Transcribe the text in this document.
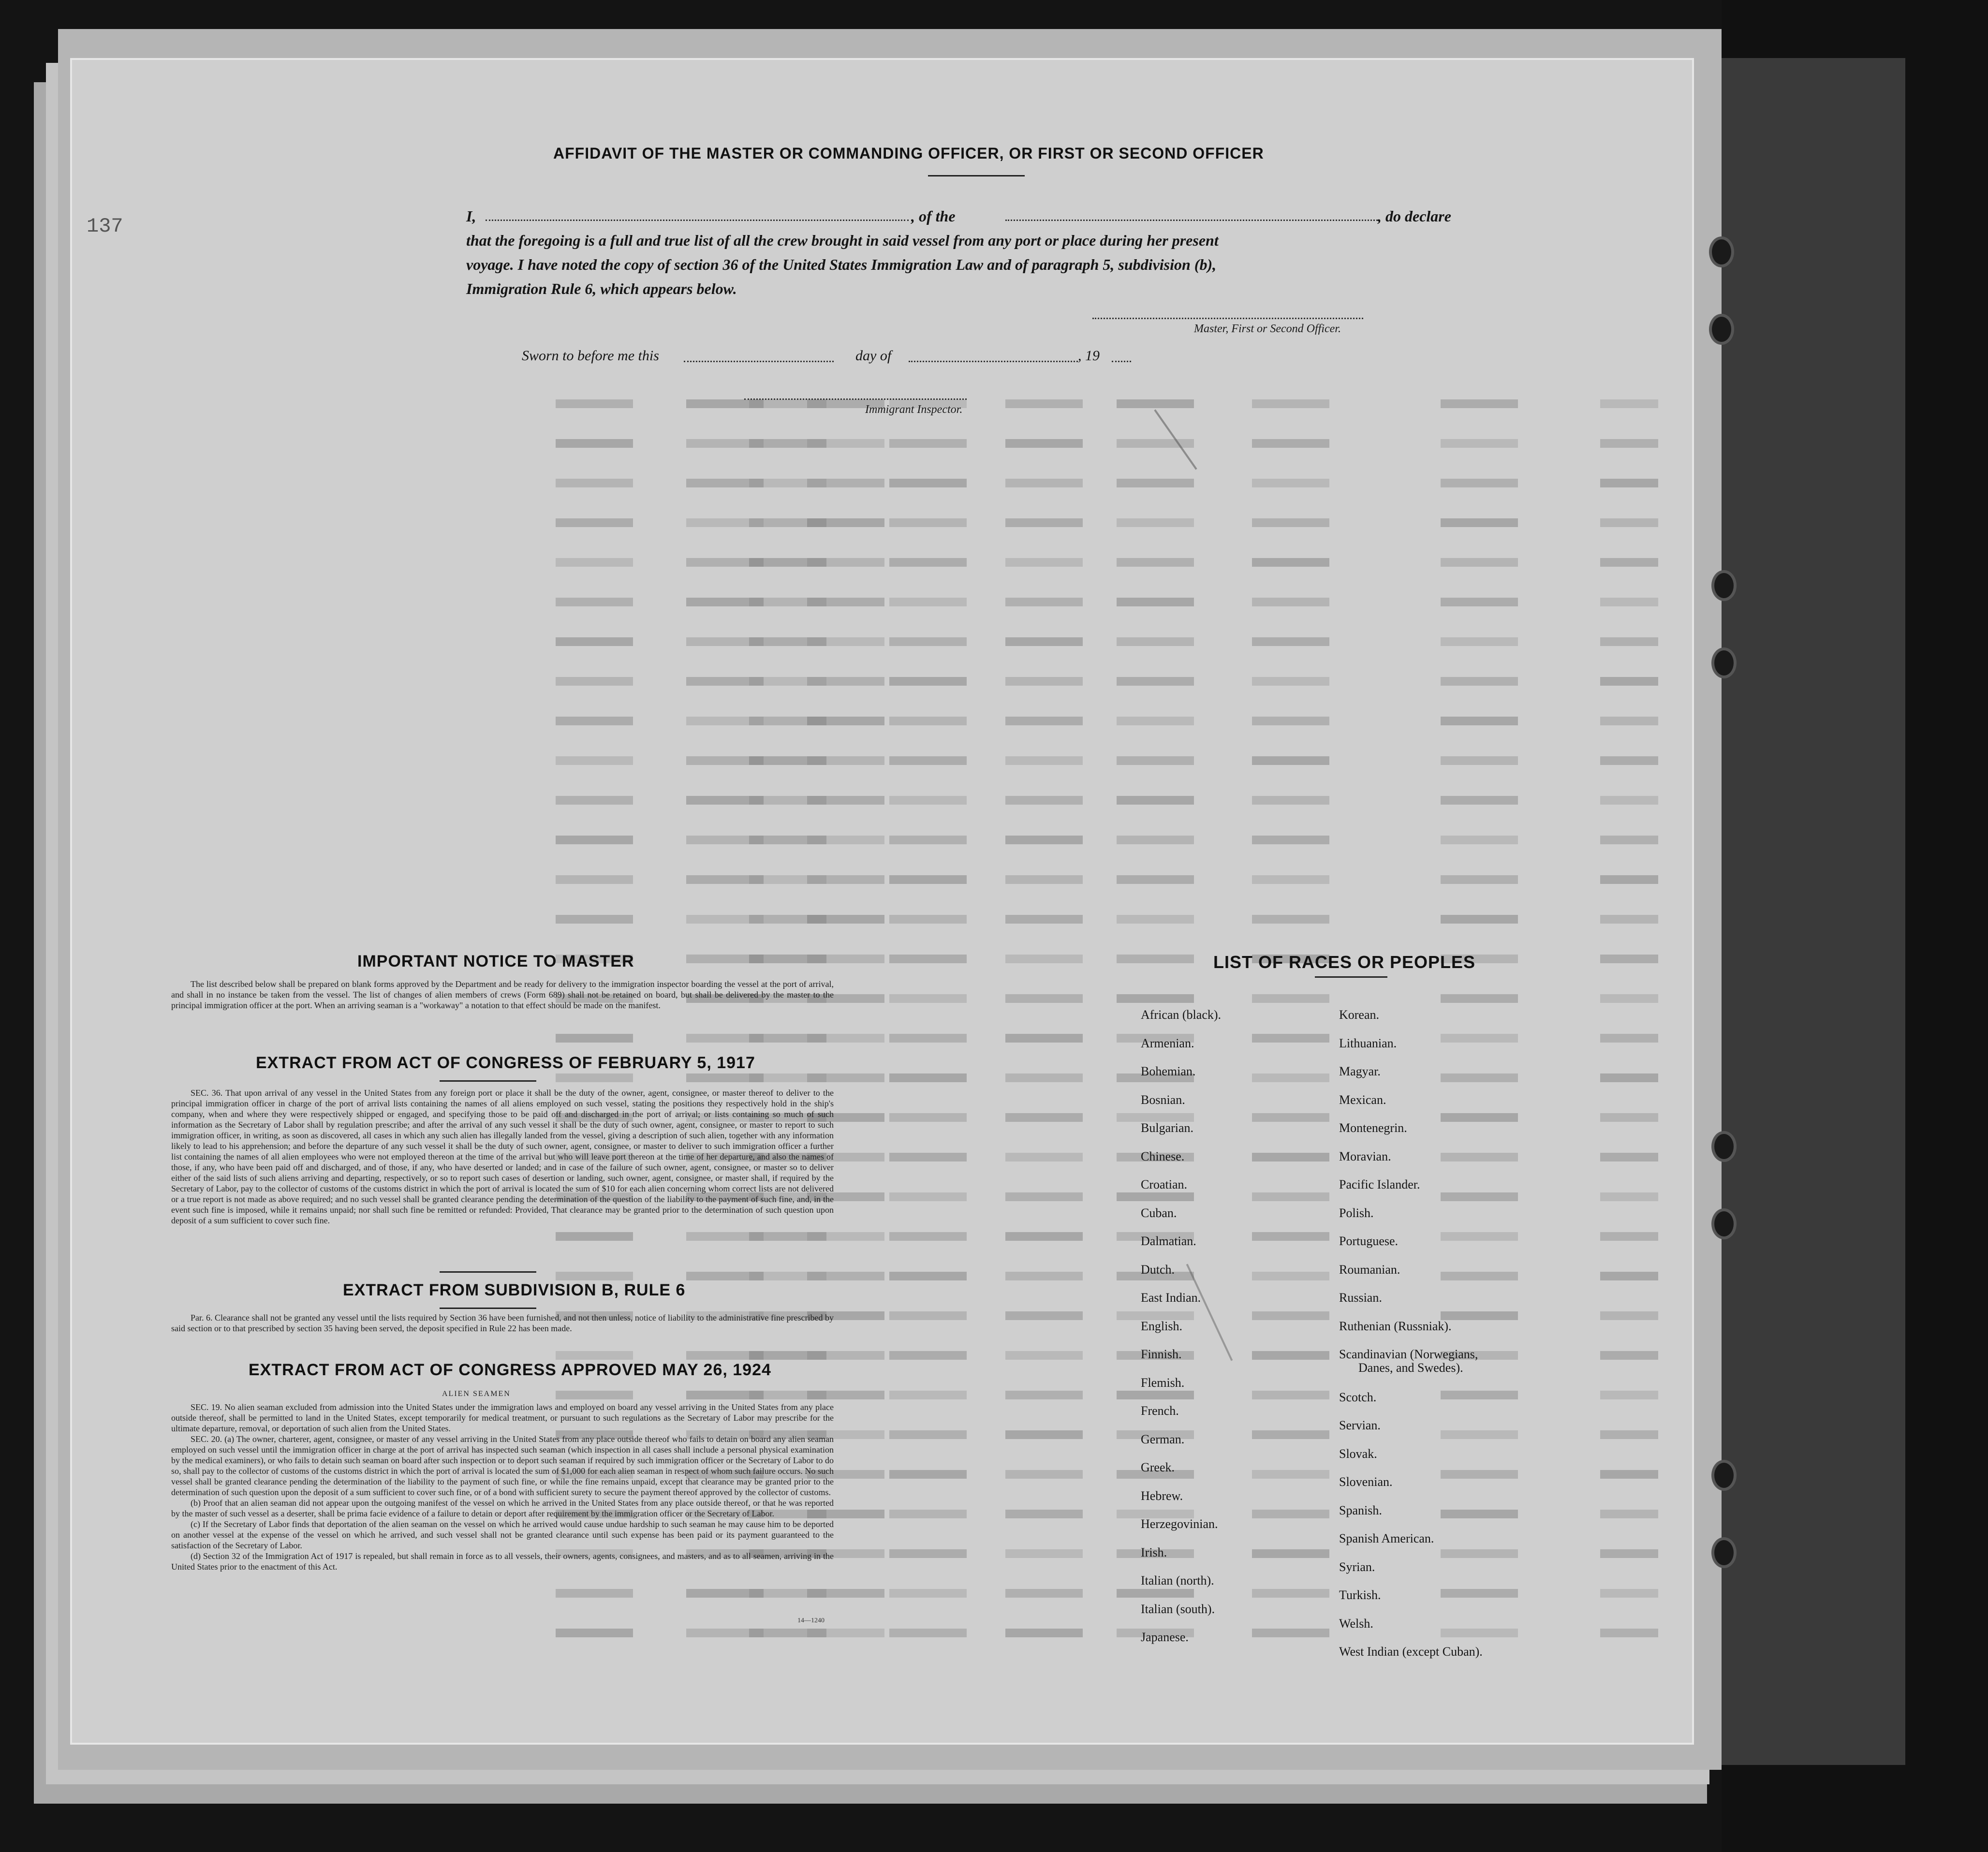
AFFIDAVIT OF THE MASTER OR COMMANDING OFFICER, OR FIRST OR SECOND OFFICER
137	I,	, of the	, do declare
that the foregoing is a full and true list of all the crew brought in said vessel from any port or place during her present
voyage. I have noted the copy of section 36 of the United States Immigration Law and of paragraph 5, subdivision (b),
Immigration Rule 6, which appears below.
Master, First or Second Officer.
Sworn to before me this	day of	, 19
Immigrant Inspector.
IMPORTANT NOTICE TO MASTER

The list described below shall be prepared on blank forms approved by the Department and be ready for delivery to the immigration inspector boarding the vessel at the port of arrival, and shall in no instance be taken from the vessel. The list of changes of alien members of crews (Form 689) shall not be retained on board, but shall be delivered by the master to the principal immigration officer at the port. When an arriving seaman is a "workaway" a notation to that effect should be made on the manifest.

EXTRACT FROM ACT OF CONGRESS OF FEBRUARY 5, 1917

SEC. 36. That upon arrival of any vessel in the United States from any foreign port or place it shall be the duty of the owner, agent, consignee, or master thereof to deliver to the principal immigration officer in charge of the port of arrival lists containing the names of all aliens employed on such vessel, stating the positions they respectively hold in the ship's company, when and where they were respectively shipped or engaged, and specifying those to be paid off and discharged in the port of arrival; or lists containing so much of such information as the Secretary of Labor shall by regulation prescribe; and after the arrival of any such vessel it shall be the duty of such owner, agent, consignee, or master to report to such immigration officer, in writing, as soon as discovered, all cases in which any such alien has illegally landed from the vessel, giving a description of such alien, together with any information likely to lead to his apprehension; and before the departure of any such vessel it shall be the duty of such owner, agent, consignee, or master to deliver to such immigration officer a further list containing the names of all alien employees who were not employed thereon at the time of the arrival but who will leave port thereon at the time of her departure, and also the names of those, if any, who have been paid off and discharged, and of those, if any, who have deserted or landed; and in case of the failure of such owner, agent, consignee, or master so to deliver either of the said lists of such aliens arriving and departing, respectively, or so to report such cases of desertion or landing, such owner, agent, consignee, or master shall, if required by the Secretary of Labor, pay to the collector of customs of the customs district in which the port of arrival is located the sum of $10 for each alien concerning whom correct lists are not delivered or a true report is not made as above required; and no such vessel shall be granted clearance pending the determination of the question of the liability to the payment of such fine, and, in the event such fine is imposed, while it remains unpaid; nor shall such fine be remitted or refunded: Provided, That clearance may be granted prior to the determination of such question upon deposit of a sum sufficient to cover such fine.

EXTRACT FROM SUBDIVISION B, RULE 6

Par. 6. Clearance shall not be granted any vessel until the lists required by Section 36 have been furnished, and not then unless, notice of liability to the administrative fine prescribed by said section or to that prescribed by section 35 having been served, the deposit specified in Rule 22 has been made.

EXTRACT FROM ACT OF CONGRESS APPROVED MAY 26, 1924
ALIEN SEAMEN

SEC. 19. No alien seaman excluded from admission into the United States under the immigration laws and employed on board any vessel arriving in the United States from any place outside thereof, shall be permitted to land in the United States, except temporarily for medical treatment, or pursuant to such regulations as the Secretary of Labor may prescribe for the ultimate departure, removal, or deportation of such alien from the United States.

SEC. 20. (a) The owner, charterer, agent, consignee, or master of any vessel arriving in the United States from any place outside thereof who fails to detain on board any alien seaman employed on such vessel until the immigration officer in charge at the port of arrival has inspected such seaman (which inspection in all cases shall include a personal physical examination by the medical examiners), or who fails to detain such seaman on board after such inspection or to deport such seaman if required by such immigration officer or the Secretary of Labor to do so, shall pay to the collector of customs of the customs district in which the port of arrival is located the sum of $1,000 for each alien seaman in respect of whom such failure occurs. No such vessel shall be granted clearance pending the determination of the liability to the payment of such fine, or while the fine remains unpaid, except that clearance may be granted prior to the determination of such question upon the deposit of a sum sufficient to cover such fine, or of a bond with sufficient surety to secure the payment thereof approved by the collector of customs.

(b) Proof that an alien seaman did not appear upon the outgoing manifest of the vessel on which he arrived in the United States from any place outside thereof, or that he was reported by the master of such vessel as a deserter, shall be prima facie evidence of a failure to detain or deport after requirement by the immigration officer or the Secretary of Labor.

(c) If the Secretary of Labor finds that deportation of the alien seaman on the vessel on which he arrived would cause undue hardship to such seaman he may cause him to be deported on another vessel at the expense of the vessel on which he arrived, and such vessel shall not be granted clearance until such expense has been paid or its payment guaranteed to the satisfaction of the Secretary of Labor.

(d) Section 32 of the Immigration Act of 1917 is repealed, but shall remain in force as to all vessels, their owners, agents, consignees, and masters, and as to all seamen, arriving in the United States prior to the enactment of this Act.

14—1240
LIST OF RACES OR PEOPLES
African (black).
Armenian.
Bohemian.
Bosnian.
Bulgarian.
Chinese.
Croatian.
Cuban.
Dalmatian.
Dutch.
East Indian.
English.
Finnish.
Flemish.
French.
German.
Greek.
Hebrew.
Herzegovinian.
Irish.
Italian (north).
Italian (south).
Japanese.
Korean.
Lithuanian.
Magyar.
Mexican.
Montenegrin.
Moravian.
Pacific Islander.
Polish.
Portuguese.
Roumanian.
Russian.
Ruthenian (Russniak).
Scandinavian (Norwegians,
Danes, and Swedes).
Scotch.
Servian.
Slovak.
Slovenian.
Spanish.
Spanish American.
Syrian.
Turkish.
Welsh.
West Indian (except Cuban).
